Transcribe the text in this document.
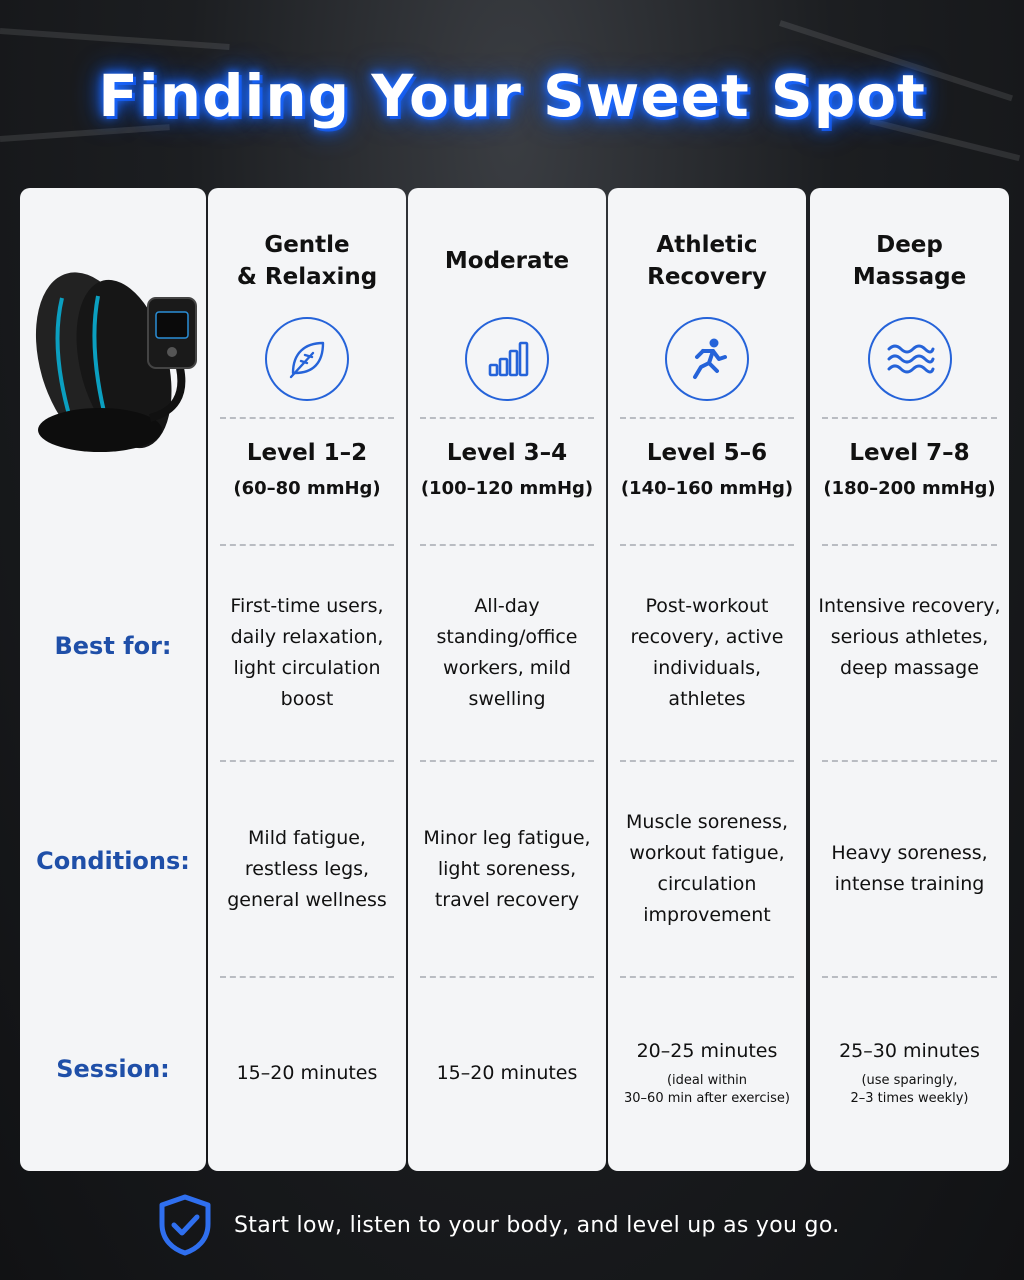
Finding Your Sweet Spot
Best for:
Conditions:
Session:
Gentle
& Relaxing
Level 1–2
(60–80 mmHg)
First-time users, daily relaxation, light circulation boost
Mild fatigue, restless legs, general wellness
15–20 minutes
Moderate
Level 3–4
(100–120 mmHg)
All-day standing/office workers, mild swelling
Minor leg fatigue, light soreness, travel recovery
15–20 minutes
Athletic
Recovery
Level 5–6
(140–160 mmHg)
Post-workout recovery, active individuals, athletes
Muscle soreness, workout fatigue, circulation improvement
20–25 minutes
(ideal within
30–60 min after exercise)
Deep
Massage
Level 7–8
(180–200 mmHg)
Intensive recovery, serious athletes, deep massage
Heavy soreness, intense training
25–30 minutes
(use sparingly,
2–3 times weekly)
Start low, listen to your body, and level up as you go.
